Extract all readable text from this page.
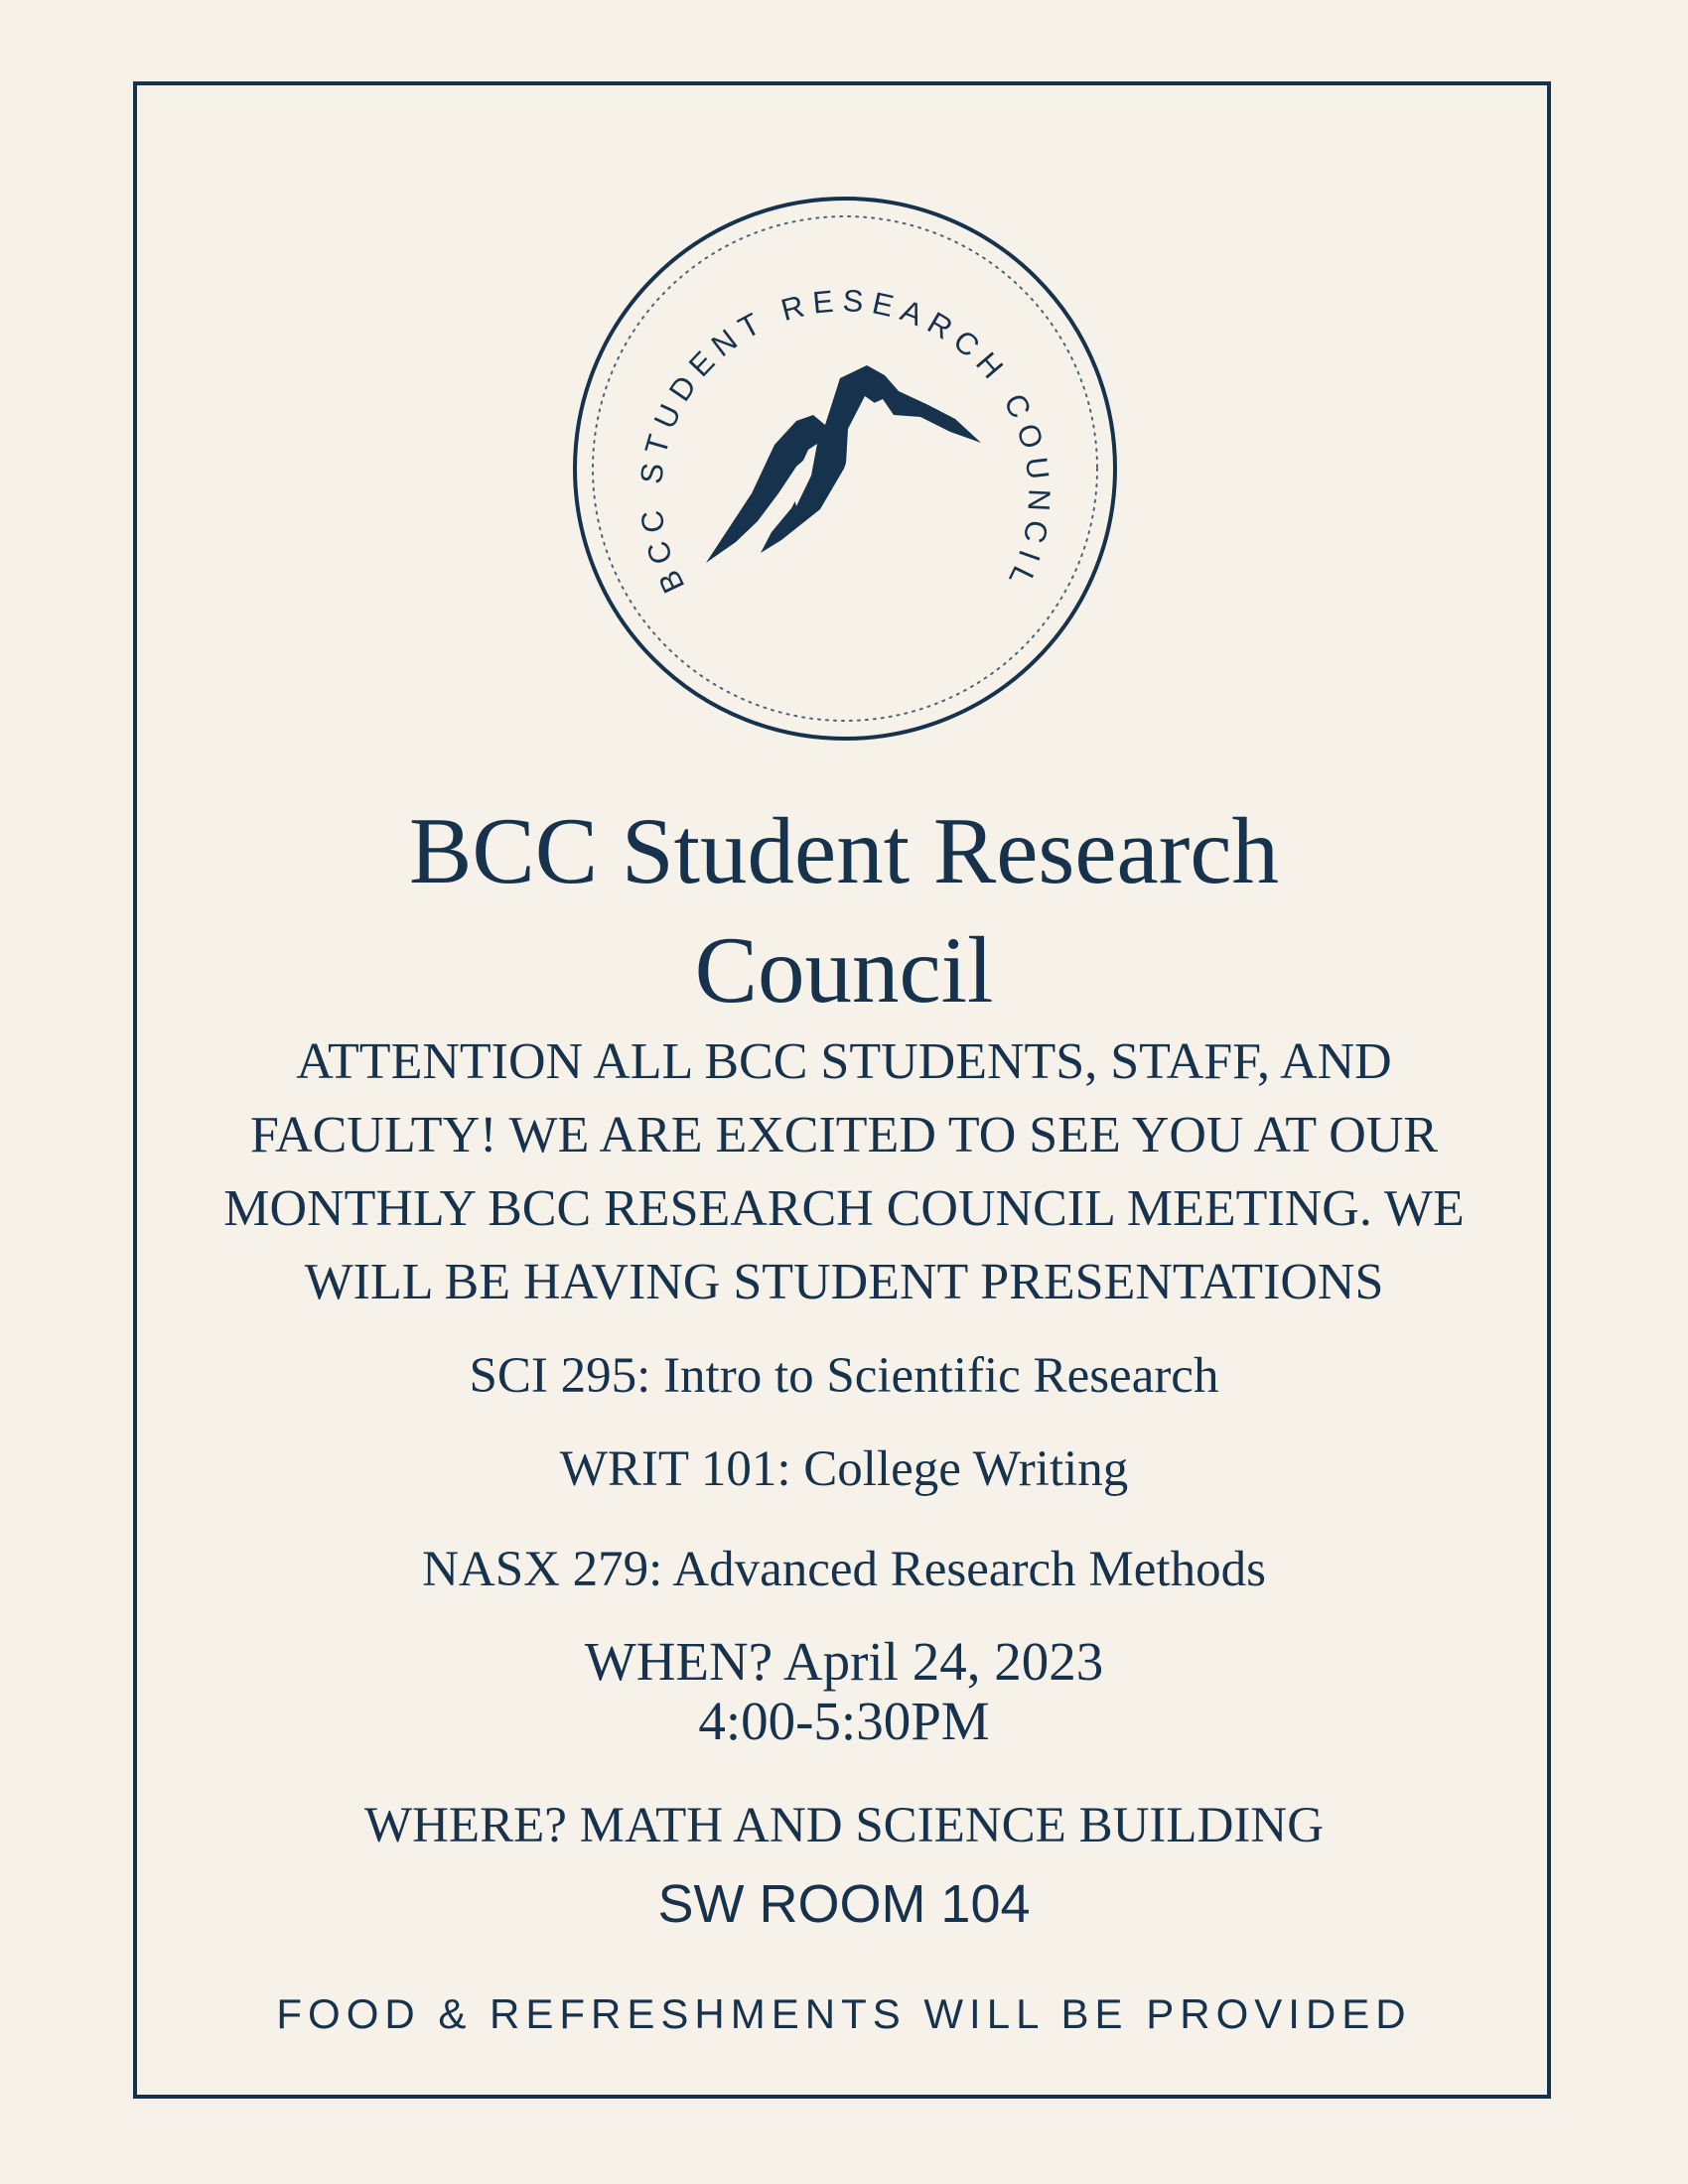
BCC STUDENT RESEARCH COUNCIL
BCC Student Research
Council
ATTENTION ALL BCC STUDENTS, STAFF, AND
FACULTY! WE ARE EXCITED TO SEE YOU AT OUR
MONTHLY BCC RESEARCH COUNCIL MEETING. WE
WILL BE HAVING STUDENT PRESENTATIONS
SCI 295: Intro to Scientific Research
WRIT 101: College Writing
NASX 279: Advanced Research Methods
WHEN? April 24, 2023
4:00-5:30PM
WHERE? MATH AND SCIENCE BUILDING
SW ROOM 104
FOOD & REFRESHMENTS WILL BE PROVIDED
